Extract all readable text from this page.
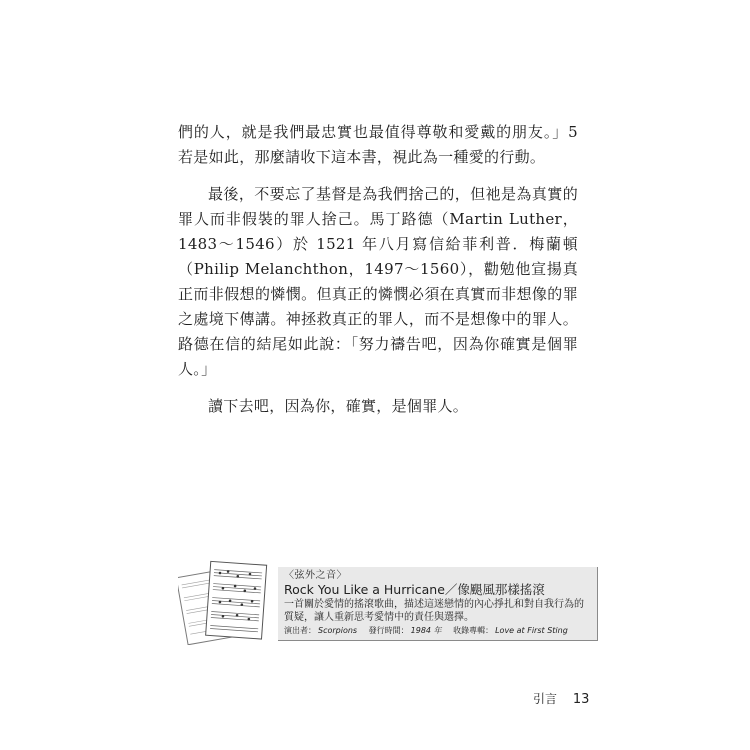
們的人，就是我們最忠實也最值得尊敬和愛戴的朋友。」5若是如此，那麼請收下這本書，視此為一種愛的行動。

最後，不要忘了基督是為我們捨己的，但祂是為真實的罪人而非假裝的罪人捨己。馬丁路德（Martin Luther，1483～1546）於 1521 年八月寫信給菲利普．梅蘭頓（Philip Melanchthon，1497～1560），勸勉他宣揚真正而非假想的憐憫。但真正的憐憫必須在真實而非想像的罪之處境下傳講。神拯救真正的罪人，而不是想像中的罪人。路德在信的結尾如此說：「努力禱告吧，因為你確實是個罪人。」

讀下去吧，因為你，確實，是個罪人。

〈弦外之音〉
Rock You Like a Hurricane／像颶風那樣搖滾
一首關於愛情的搖滾歌曲，描述這迷戀情的內心掙扎和對自我行為的質疑，讓人重新思考愛情中的責任與選擇。
演出者： Scorpions 發行時間： 1984 年 收錄專輯： Love at First Sting
引言 13
